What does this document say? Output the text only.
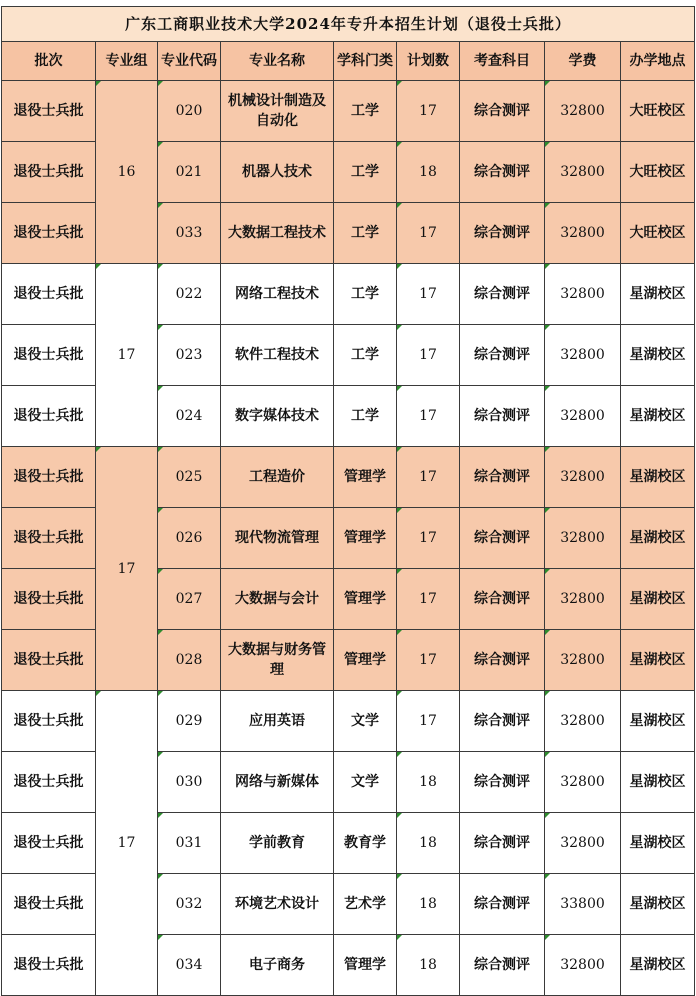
广东工商职业技术大学2024年专升本招生计划（退役士兵批）								
批次	专业组	专业代码	专业名称	学科门类	计划数	考查科目	学费	办学地点
退役士兵批	16	020	机械设计制造及自动化	工学	17	综合测评	32800	大旺校区
退役士兵批		021	机器人技术	工学	18	综合测评	32800	大旺校区
退役士兵批		033	大数据工程技术	工学	17	综合测评	32800	大旺校区
退役士兵批	17	022	网络工程技术	工学	17	综合测评	32800	星湖校区
退役士兵批		023	软件工程技术	工学	17	综合测评	32800	星湖校区
退役士兵批		024	数字媒体技术	工学	17	综合测评	32800	星湖校区
退役士兵批	17	025	工程造价	管理学	17	综合测评	32800	星湖校区
退役士兵批		026	现代物流管理	管理学	17	综合测评	32800	星湖校区
退役士兵批		027	大数据与会计	管理学	17	综合测评	32800	星湖校区
退役士兵批		028	大数据与财务管理	管理学	17	综合测评	32800	星湖校区
退役士兵批	17	029	应用英语	文学	17	综合测评	32800	星湖校区
退役士兵批		030	网络与新媒体	文学	18	综合测评	32800	星湖校区
退役士兵批		031	学前教育	教育学	18	综合测评	32800	星湖校区
退役士兵批		032	环境艺术设计	艺术学	18	综合测评	33800	星湖校区
退役士兵批		034	电子商务	管理学	18	综合测评	32800	星湖校区
